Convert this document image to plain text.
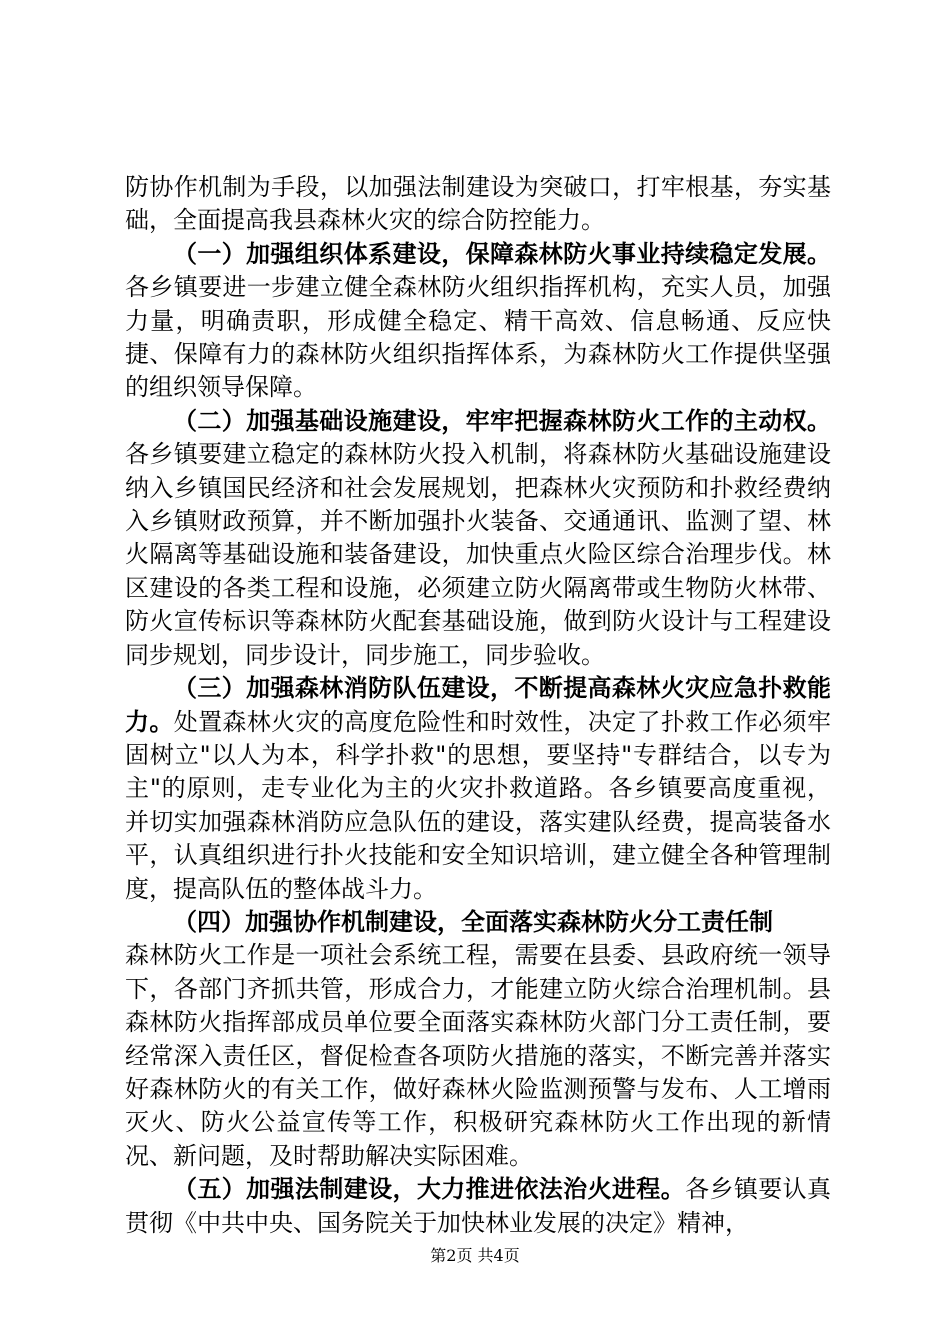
防协作机制为手段，以加强法制建设为突破口，打牢根基，夯实基础，全面提高我县森林火灾的综合防控能力。

（一）加强组织体系建设，保障森林防火事业持续稳定发展。各乡镇要进一步建立健全森林防火组织指挥机构，充实人员，加强力量，明确责职，形成健全稳定、精干高效、信息畅通、反应快捷、保障有力的森林防火组织指挥体系，为森林防火工作提供坚强的组织领导保障。

（二）加强基础设施建设，牢牢把握森林防火工作的主动权。各乡镇要建立稳定的森林防火投入机制，将森林防火基础设施建设纳入乡镇国民经济和社会发展规划，把森林火灾预防和扑救经费纳入乡镇财政预算，并不断加强扑火装备、交通通讯、监测了望、林火隔离等基础设施和装备建设，加快重点火险区综合治理步伐。林区建设的各类工程和设施，必须建立防火隔离带或生物防火林带、防火宣传标识等森林防火配套基础设施，做到防火设计与工程建设同步规划，同步设计，同步施工，同步验收。

（三）加强森林消防队伍建设，不断提高森林火灾应急扑救能力。处置森林火灾的高度危险性和时效性，决定了扑救工作必须牢固树立"以人为本，科学扑救"的思想，要坚持"专群结合，以专为主"的原则，走专业化为主的火灾扑救道路。各乡镇要高度重视，并切实加强森林消防应急队伍的建设，落实建队经费，提高装备水平，认真组织进行扑火技能和安全知识培训，建立健全各种管理制度，提高队伍的整体战斗力。

（四）加强协作机制建设，全面落实森林防火分工责任制
森林防火工作是一项社会系统工程，需要在县委、县政府统一领导下，各部门齐抓共管，形成合力，才能建立防火综合治理机制。县森林防火指挥部成员单位要全面落实森林防火部门分工责任制，要经常深入责任区，督促检查各项防火措施的落实，不断完善并落实好森林防火的有关工作，做好森林火险监测预警与发布、人工增雨灭火、防火公益宣传等工作，积极研究森林防火工作出现的新情况、新问题，及时帮助解决实际困难。

（五）加强法制建设，大力推进依法治火进程。各乡镇要认真贯彻《中共中央、国务院关于加快林业发展的决定》精神，

第2页 共4页
